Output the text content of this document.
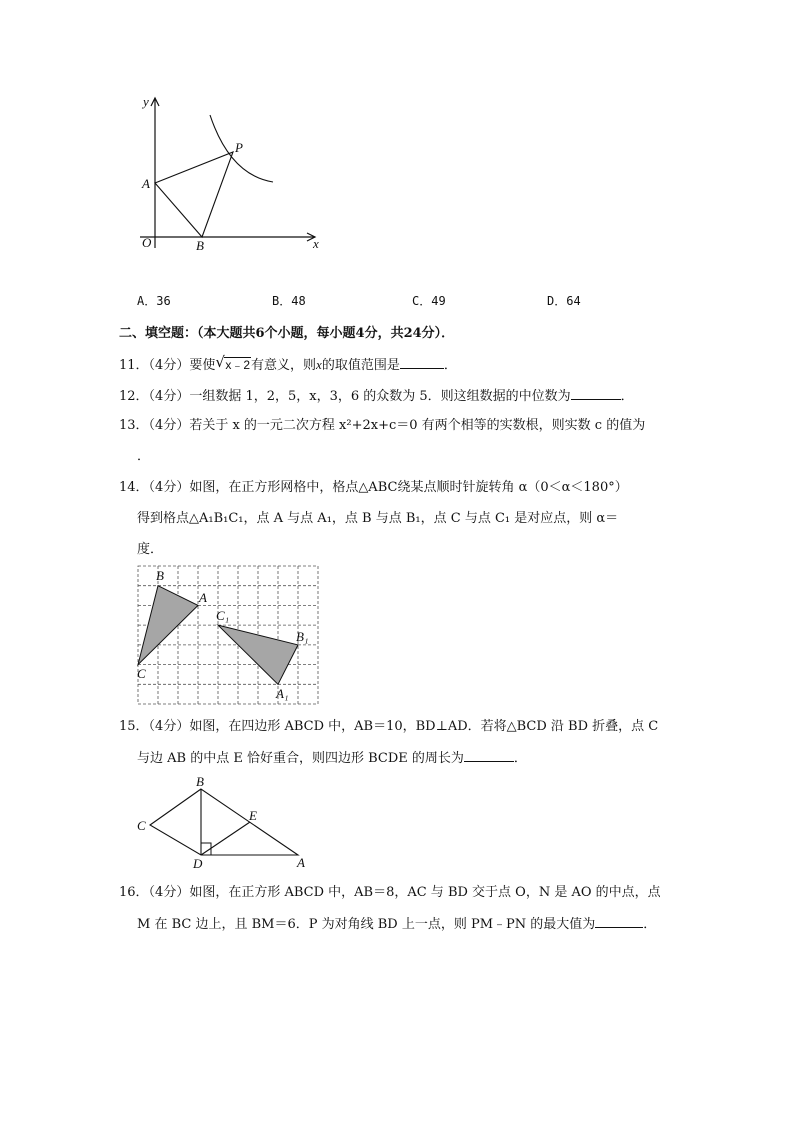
y
x
O
A
B
P
A．36	B．48	C．49	D．64
二、填空题：（本大题共6个小题，每小题4分，共24分）．
11．（4分）要使 √ x﹣2有意义，则x的取值范围是	．
12．（4分）一组数据 1，2，5，x，3，6 的众数为 5．则这组数据的中位数为	．
13．（4分）若关于 x 的一元二次方程 x²+2x+c＝0 有两个相等的实数根，则实数 c 的值为
．
14．（4分）如图，在正方形网格中，格点△ABC绕某点顺时针旋转角 α（0＜α＜180°）
得到格点△A₁B₁C₁，点 A 与点 A₁，点 B 与点 B₁，点 C 与点 C₁ 是对应点，则 α＝
度．
B
A
C
C₁
B₁
A₁
15．（4分）如图，在四边形 ABCD 中，AB＝10，BD⊥AD．若将△BCD 沿 BD 折叠，点 C
与边 AB 的中点 E 恰好重合，则四边形 BCDE 的周长为	．
B
C
E
D	A
16．（4分）如图，在正方形 ABCD 中，AB＝8，AC 与 BD 交于点 O，N 是 AO 的中点，点
M 在 BC 边上，且 BM＝6．P 为对角线 BD 上一点，则 PM﹣PN 的最大值为	．
